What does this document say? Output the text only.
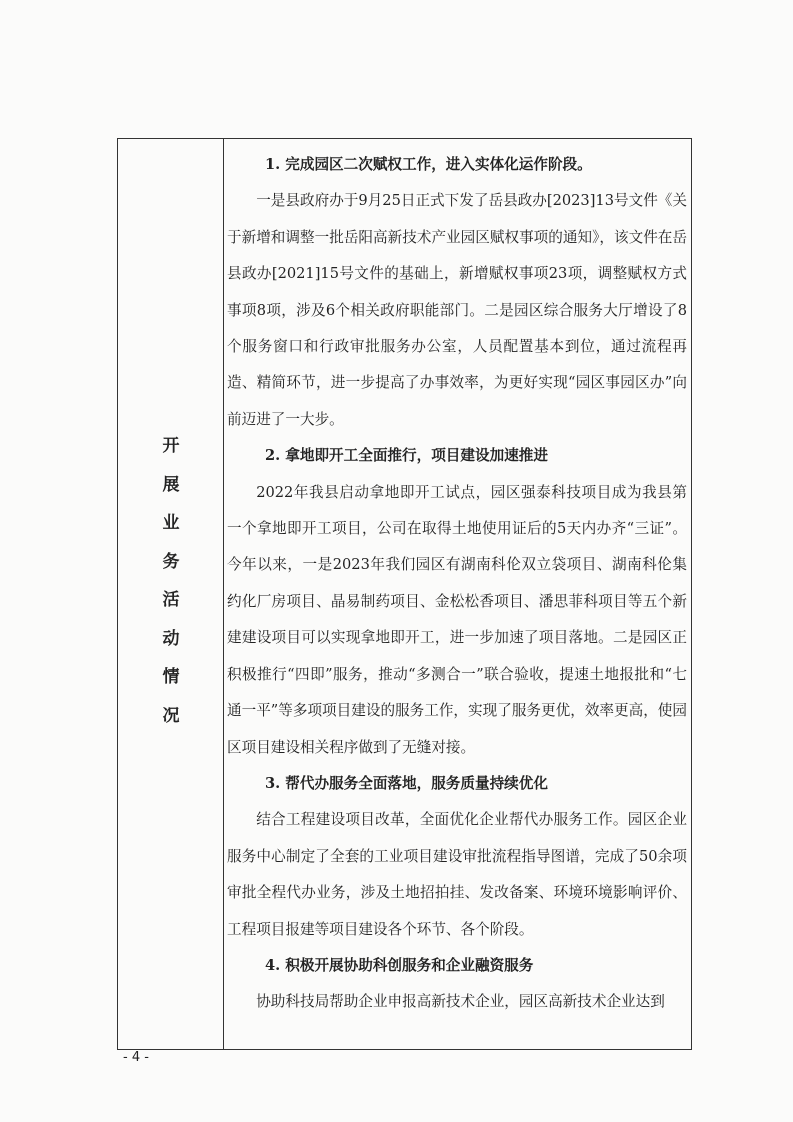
开
展
业
务
活
动
情
况

1. 完成园区二次赋权工作，进入实体化运作阶段。

一是县政府办于9月25日正式下发了岳县政办[2023]13号文件《关于新增和调整一批岳阳高新技术产业园区赋权事项的通知》，该文件在岳县政办[2021]15号文件的基础上，新增赋权事项23项，调整赋权方式事项8项，涉及6个相关政府职能部门。二是园区综合服务大厅增设了8个服务窗口和行政审批服务办公室，人员配置基本到位，通过流程再造、精简环节，进一步提高了办事效率，为更好实现“园区事园区办”向前迈进了一大步。

2. 拿地即开工全面推行，项目建设加速推进

2022年我县启动拿地即开工试点，园区强泰科技项目成为我县第一个拿地即开工项目，公司在取得土地使用证后的5天内办齐“三证”。今年以来，一是2023年我们园区有湖南科伦双立袋项目、湖南科伦集约化厂房项目、晶易制药项目、金松松香项目、潘思菲科项目等五个新建建设项目可以实现拿地即开工，进一步加速了项目落地。二是园区正积极推行“四即”服务，推动“多测合一”联合验收，提速土地报批和“七通一平”等多项项目建设的服务工作，实现了服务更优，效率更高，使园区项目建设相关程序做到了无缝对接。

3. 帮代办服务全面落地，服务质量持续优化

结合工程建设项目改革，全面优化企业帮代办服务工作。园区企业服务中心制定了全套的工业项目建设审批流程指导图谱，完成了50余项审批全程代办业务，涉及土地招拍挂、发改备案、环境环境影响评价、工程项目报建等项目建设各个环节、各个阶段。

4. 积极开展协助科创服务和企业融资服务

协助科技局帮助企业申报高新技术企业，园区高新技术企业达到

- 4 -
